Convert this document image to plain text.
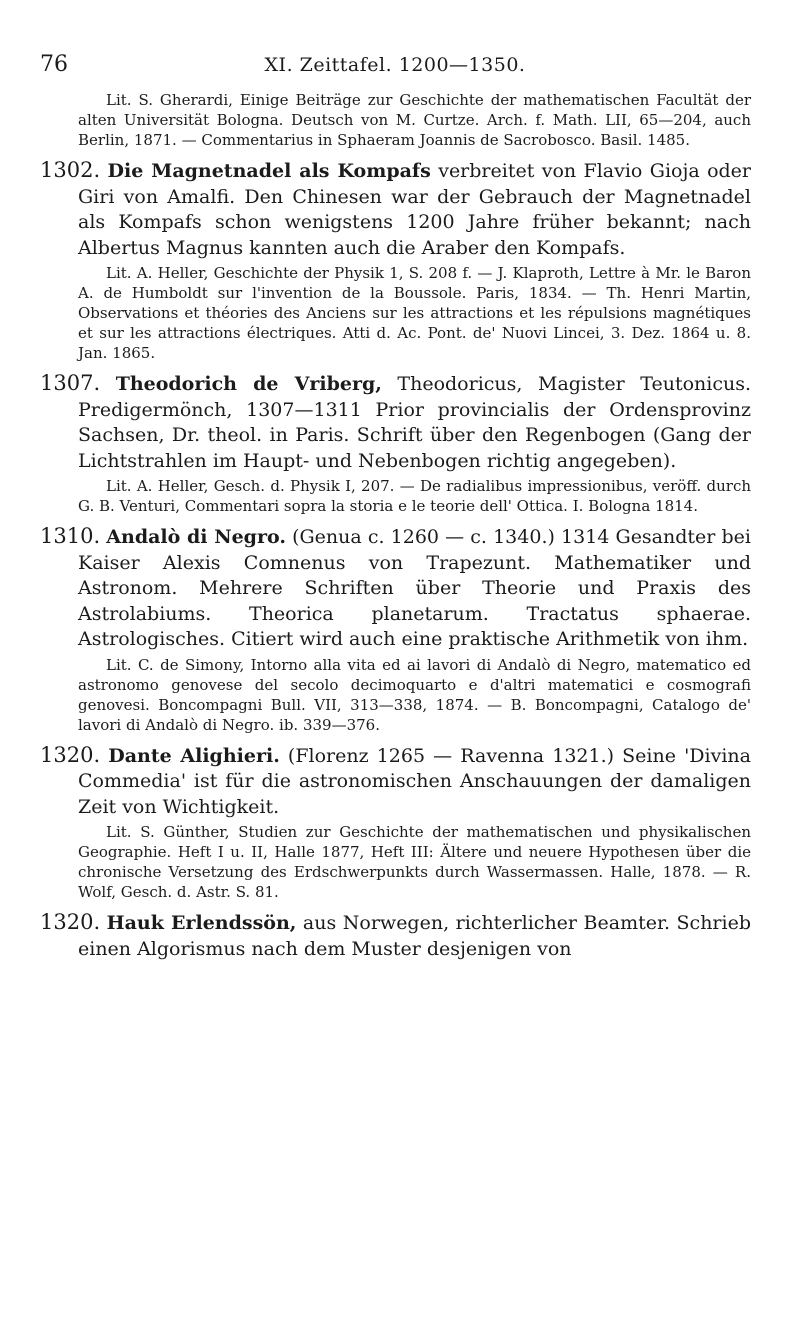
76	XI. Zeittafel. 1200—1350.

Lit. S. Gherardi, Einige Beiträge zur Geschichte der mathematischen Facultät der alten Universität Bologna. Deutsch von M. Curtze. Arch. f. Math. LII, 65—204, auch Berlin, 1871. — Commentarius in Sphaeram Joannis de Sacrobosco. Basil. 1485.

1302. Die Magnetnadel als Kompafs verbreitet von Flavio Gioja oder Giri von Amalfi. Den Chinesen war der Gebrauch der Magnetnadel als Kompafs schon wenigstens 1200 Jahre früher bekannt; nach Albertus Magnus kannten auch die Araber den Kompafs.

Lit. A. Heller, Geschichte der Physik 1, S. 208 f. — J. Klaproth, Lettre à Mr. le Baron A. de Humboldt sur l'invention de la Boussole. Paris, 1834. — Th. Henri Martin, Observations et théories des Anciens sur les attractions et les répulsions magnétiques et sur les attractions électriques. Atti d. Ac. Pont. de' Nuovi Lincei, 3. Dez. 1864 u. 8. Jan. 1865.

1307. Theodorich de Vriberg, Theodoricus, Magister Teutonicus. Predigermönch, 1307—1311 Prior provincialis der Ordensprovinz Sachsen, Dr. theol. in Paris. Schrift über den Regenbogen (Gang der Lichtstrahlen im Haupt- und Nebenbogen richtig angegeben).

Lit. A. Heller, Gesch. d. Physik I, 207. — De radialibus impressionibus, veröff. durch G. B. Venturi, Commentari sopra la storia e le teorie dell' Ottica. I. Bologna 1814.

1310. Andalò di Negro. (Genua c. 1260 — c. 1340.) 1314 Gesandter bei Kaiser Alexis Comnenus von Trapezunt. Mathematiker und Astronom. Mehrere Schriften über Theorie und Praxis des Astrolabiums. Theorica planetarum. Tractatus sphaerae. Astrologisches. Citiert wird auch eine praktische Arithmetik von ihm.

Lit. C. de Simony, Intorno alla vita ed ai lavori di Andalò di Negro, matematico ed astronomo genovese del secolo decimoquarto e d'altri matematici e cosmografi genovesi. Boncompagni Bull. VII, 313—338, 1874. — B. Boncompagni, Catalogo de' lavori di Andalò di Negro. ib. 339—376.

1320. Dante Alighieri. (Florenz 1265 — Ravenna 1321.) Seine 'Divina Commedia' ist für die astronomischen Anschauungen der damaligen Zeit von Wichtigkeit.

Lit. S. Günther, Studien zur Geschichte der mathematischen und physikalischen Geographie. Heft I u. II, Halle 1877, Heft III: Ältere und neuere Hypothesen über die chronische Versetzung des Erdschwerpunkts durch Wassermassen. Halle, 1878. — R. Wolf, Gesch. d. Astr. S. 81.

1320. Hauk Erlendssön, aus Norwegen, richterlicher Beamter. Schrieb einen Algorismus nach dem Muster desjenigen von
